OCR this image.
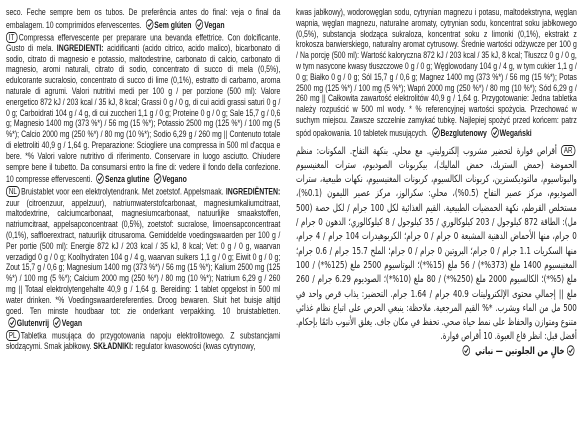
seco. Feche sempre bem os tubos. De preferência antes do final: veja o final da embalagem. 10 comprimidos efervescentes. Sem glúten Vegan

IT Compressa effervescente per preparare una bevanda effettrice. Con dolcificante. Gusto di mela. INGREDIENTI: acidificanti (acido citrico, acido malico), bicarbonato di sodio, citrato di magnesio e potassio, maltodestrine, carbonato di calcio, carbonato di magnesio, aromi naturali, citrato di sodio, concentrato di succo di mela (0,5%), edulcorante sucralosio, concentrato di succo di lime (0,1%), estratto di carbamo, aroma naturale di agrumi. Valori nutritivi medi per 100 g / per porzione (500 ml): Valore energetico 872 kJ / 203 kcal / 35 kJ, 8 kcal; Grassi 0 g / 0 g, di cui acidi grassi saturi 0 g / 0 g; Carboidrati 104 g / 4 g, di cui zuccheri 1,1 g / 0 g; Proteine 0 g / 0 g; Sale 15,7 g / 0,6 g; Magnesio 1400 mg (373 %*) / 56 mg (15 %*); Potassio 2500 mg (125 %*) / 100 mg (5 %*); Calcio 2000 mg (250 %*) / 80 mg (10 %*); Sodio 6,29 g / 260 mg || Contenuto totale di elettroliti 40,9 g / 1,64 g. Preparazione: Sciogliere una compressa in 500 ml d'acqua e bere. *% Valori valore nutritivo di riferimento. Conservare in luogo asciutto. Chiudere sempre bene il tubetto. Da consumarsi entro la fine di: vedere il fondo della confezione. 10 compresse effervescenti. Senza glutine Vegano

NL Bruistablet voor een elektrolytendrank. Met zoetstof. Appelsmaak. INGREDIËNTEN: zuur (citroenzuur, appelzuur), natriumwaterstofcarbonaat, magnesiumkaliumcitraat, maltodextrine, calciumcarbonaat, magnesiumcarbonaat, natuurlijke smaakstoffen, natriumcitraat, appelsapconcentraat (0,5%), zoetstof: sucralose, limoensapconcentraat (0,1%), saffloerextract, natuurlijk citrusaroma. Gemiddelde voedingswaarden per 100 g / Per portie (500 ml): Energie 872 kJ / 203 kcal / 35 kJ, 8 kcal; Vet: 0 g / 0 g, waarvan verzadigd 0 g / 0 g; Koolhydraten 104 g / 4 g, waarvan suikers 1,1 g / 0 g; Eiwit 0 g / 0 g; Zout 15,7 g / 0,6 g; Magnesium 1400 mg (373 %*) / 56 mg (15 %*); Kalium 2500 mg (125 %*) / 100 mg (5 %*); Calcium 2000 mg (250 %*) / 80 mg (10 %*); Natrium 6,29 g / 260 mg || Totaal elektrolytengehalte 40,9 g / 1,64 g. Bereiding: 1 tablet opgelost in 500 ml water drinken. *% Voedingswaardereferenties. Droog bewaren. Sluit het buisje altijd goed. Ten minste houdbaar tot: zie onderkant verpakking. 10 bruistabletten. Glutenvrij Vegan

PL Tabletka musująca do przygotowania napoju elektrolitowego. Z substancjami słodzącymi. Smak jabłkowy. SKŁADNIKI: regulator kwasowości (kwas cytrynowy,

kwas jabłkowy), wodorowęglan sodu, cytrynian magnezu i potasu, maltodekstryna, węglan wapnia, węglan magnezu, naturalne aromaty, cytrynian sodu, koncentrat soku jabłkowego (0,5%), substancja słodząca sukraloza, koncentrat soku z limonki (0,1%), ekstrakt z krokosza barwierskiego, naturalny aromat cytrusowy. Średnie wartości odżywcze per 100 g / Na porcję (500 ml): Wartość kaloryczna 872 kJ / 203 kcal / 35 kJ, 8 kcal; Tłuszcz 0 g / 0 g, w tym nasycone kwasy tłuszczowe 0 g / 0 g; Węglowodany 104 g / 4 g, w tym cukier 1,1 g / 0 g; Białko 0 g / 0 g; Sól 15,7 g / 0,6 g; Magnez 1400 mg (373 %*) / 56 mg (15 %*); Potas 2500 mg (125 %*) / 100 mg (5 %*); Wapń 2000 mg (250 %*) / 80 mg (10 %*); Sód 6,29 g / 260 mg || Całkowita zawartość elektrolitów 40,9 g / 1,64 g. Przygotowanie: Jedna tabletka należy rozpuścić w 500 ml wody. * % referencyjnej wartości spożycia. Przechować w suchym miejscu. Zawsze szczelnie zamykać tubkę. Najlepiej spożyć przed końcem: patrz spód opakowania. 10 tabletek musujących. Bezglutenowy Wegański

AR أقراص فوارة لتحضير مشروب إلكتروليتي. مع محلي. بنكهة التفاح. المكونات: منظم الحموضة (حمض الستريك، حمض الماليك)، بيكربونات الصوديوم، سترات المغنيسيوم والبوتاسيوم، مالتوديكسترين، كربونات الكالسيوم، كربونات المغنيسيوم، نكهات طبيعية، سترات الصوديوم، مركز عصير التفاح (0.5%)، محلي: سكرالوز، مركز عصير الليمون (0.1%)، مستخلص القرطم، نكهة الحمضيات الطبيعية. القيم الغذائية لكل 100 جرام / لكل حصة (500 مل): الطاقة 872 كيلوجول / 203 كيلوكالوري / 35 كيلوجول / 8 كيلوكالوري؛ الدهون 0 جرام / 0 جرام، منها الأحماض الدهنية المشبعة 0 جرام / 0 جرام؛ الكربوهيدرات 104 جرام / 4 جرام، منها السكريات 1.1 جرام / 0 جرام؛ البروتين 0 جرام / 0 جرام؛ الملح 15.7 جرام / 0.6 جرام؛ المغنيسيوم 1400 ملغ (373%*) / 56 ملغ (15%*)؛ البوتاسيوم 2500 ملغ (125%*) / 100 ملغ (5%*)؛ الكالسيوم 2000 ملغ (250%*) / 80 ملغ (10%*)؛ الصوديوم 6.29 جرام / 260 ملغ || إجمالي محتوى الإلكتروليتات 40.9 جرام / 1.64 جرام. التحضير: يذاب قرص واحد في 500 مل من الماء ويشرب. *% القيم المرجعية. ملاحظة: ينبغي الحرص على اتباع نظام غذائي متنوع ومتوازن والحفاظ على نمط حياة صحي. تحفظ في مكان جاف. يغلق الأنبوب دائمًا بإحكام. أفضل قبل: انظر قاع العبوة. 10 أقراص فوارة.

خالٍ من الجلوتين — نباتي
